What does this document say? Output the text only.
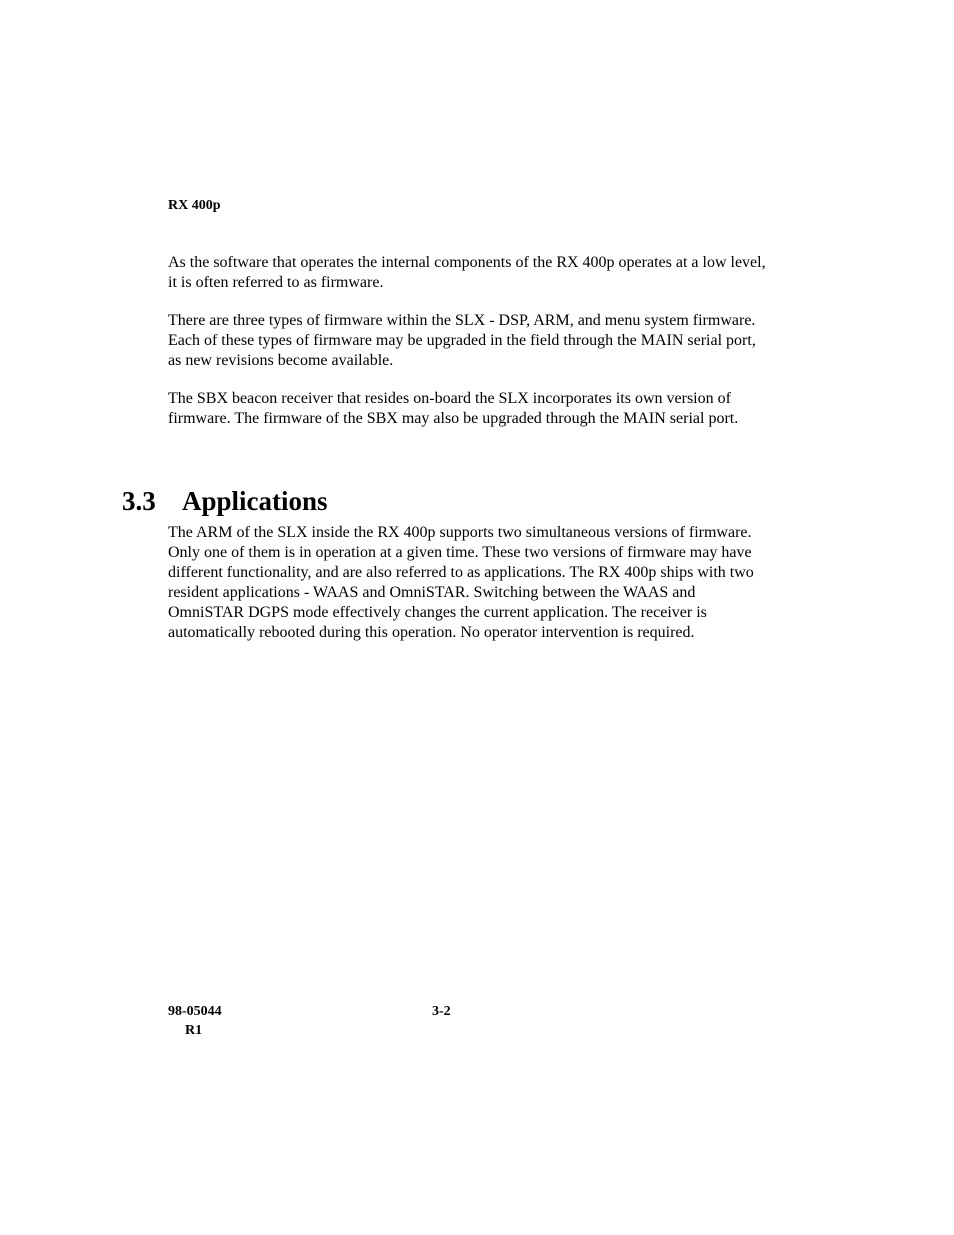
RX 400p

As the software that operates the internal components of the RX 400p operates at a low level, it is often referred to as firmware.

There are three types of firmware within the SLX - DSP, ARM, and menu system firmware. Each of these types of firmware may be upgraded in the field through the MAIN serial port, as new revisions become available.

The SBX beacon receiver that resides on-board the SLX incorporates its own version of firmware. The firmware of the SBX may also be upgraded through the MAIN serial port.

3.3 Applications

The ARM of the SLX inside the RX 400p supports two simultaneous versions of firmware. Only one of them is in operation at a given time. These two versions of firmware may have different functionality, and are also referred to as applications. The RX 400p ships with two resident applications - WAAS and OmniSTAR. Switching between the WAAS and OmniSTAR DGPS mode effectively changes the current application. The receiver is automatically rebooted during this operation. No operator intervention is required.

98-05044
R1
3-2
